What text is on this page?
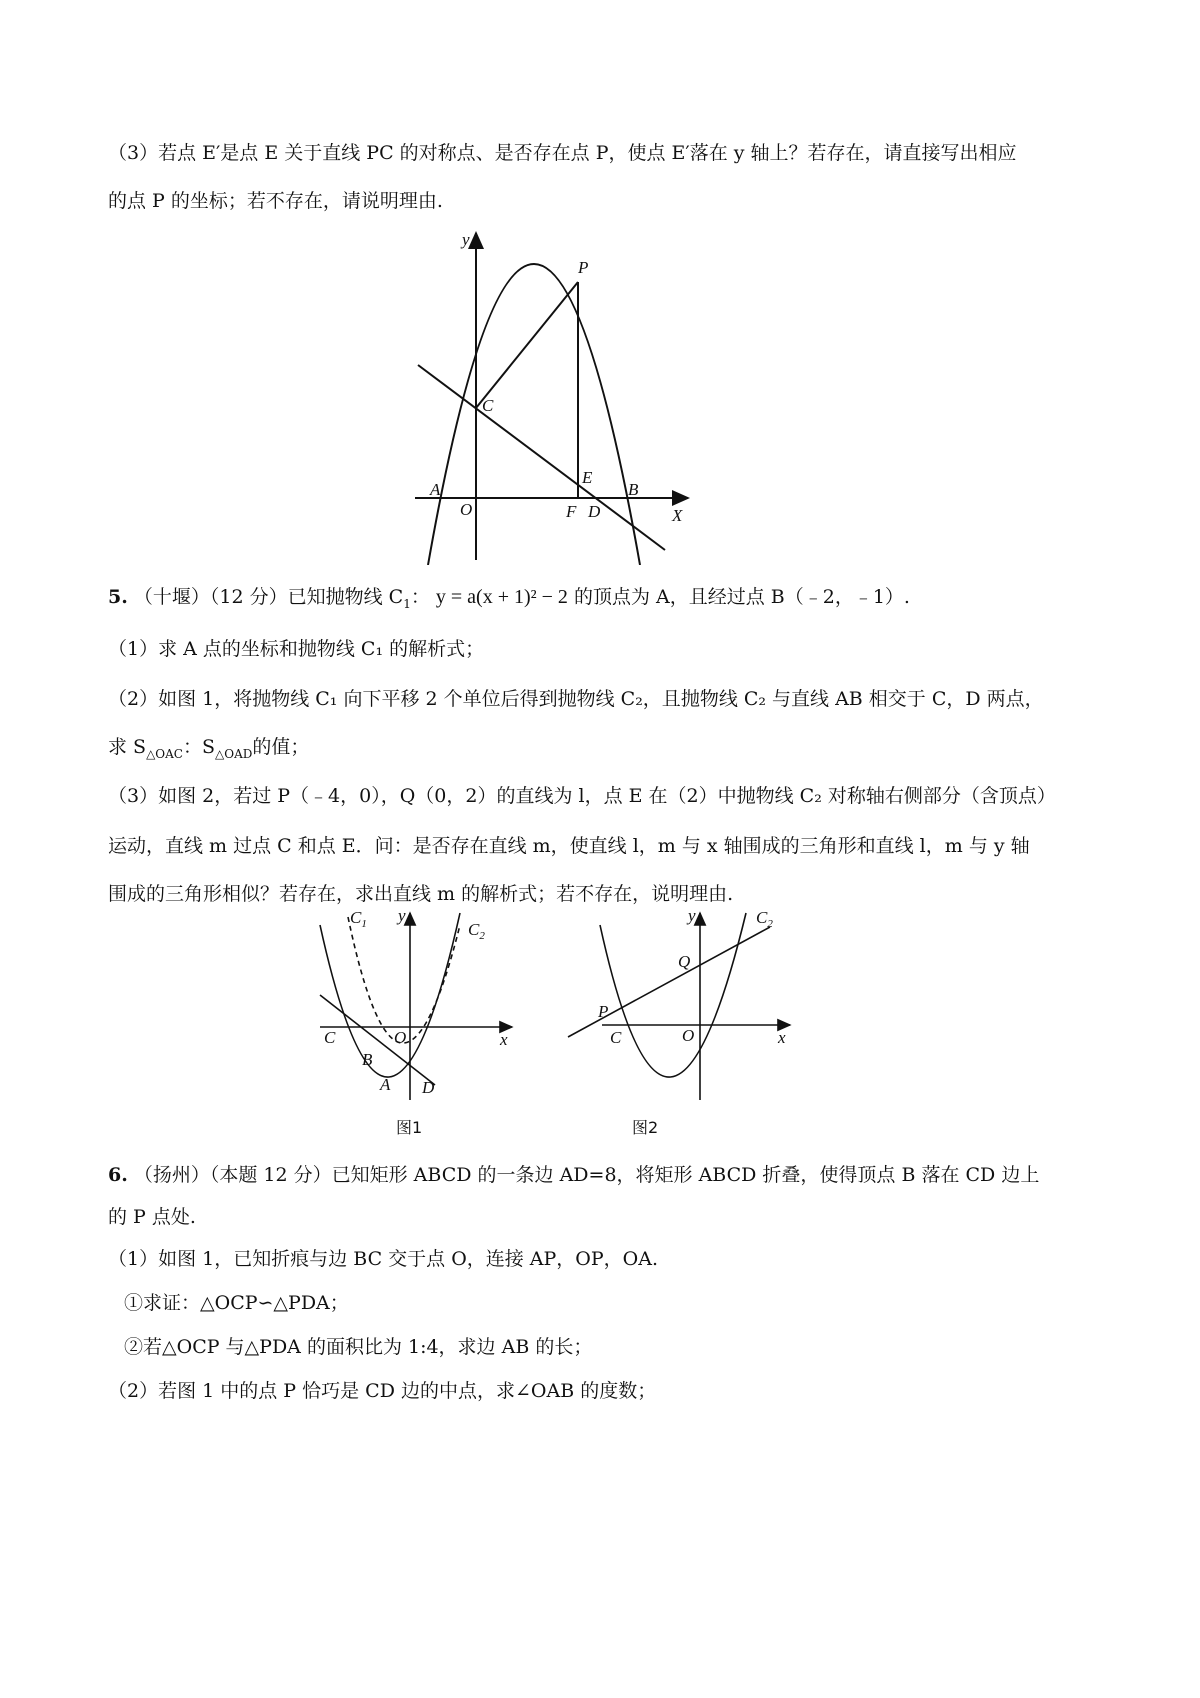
（3）若点 E′是点 E 关于直线 PC 的对称点、是否存在点 P，使点 E′落在 y 轴上？若存在，请直接写出相应
的点 P 的坐标；若不存在，请说明理由.
y
P
C
E
A
O	F D
B
X
5. （十堰）（12 分）已知抛物线 $C_1$： y = a(x + 1)² − 2 的顶点为 A，且经过点 B（﹣2，﹣1）.
（1）求 A 点的坐标和抛物线 C₁ 的解析式；
（2）如图 1，将抛物线 C₁ 向下平移 2 个单位后得到抛物线 C₂，且抛物线 C₂ 与直线 AB 相交于 C，D 两点，
求 $S_{\triangle OAC}$：$S_{\triangle OAD}$的值；
（3）如图 2，若过 P（﹣4，0），Q（0，2）的直线为 l，点 E 在（2）中抛物线 C₂ 对称轴右侧部分（含顶点）
运动，直线 m 过点 C 和点 E．问：是否存在直线 m，使直线 l，m 与 x 轴围成的三角形和直线 l，m 与 y 轴
围成的三角形相似？若存在，求出直线 m 的解析式；若不存在，说明理由.
$C_1$	$C_2$
y
x
O
C
B
A D
图1
$C_2$
y
x
O
Q
P
C
图2
6. （扬州）（本题 12 分）已知矩形 ABCD 的一条边 AD=8，将矩形 ABCD 折叠，使得顶点 B 落在 CD 边上
的 P 点处.
（1）如图 1，已知折痕与边 BC 交于点 O，连接 AP，OP，OA.
①求证：△OCP∽△PDA；
②若△OCP 与△PDA 的面积比为 1:4，求边 AB 的长；
（2）若图 1 中的点 P 恰巧是 CD 边的中点，求∠OAB 的度数；
